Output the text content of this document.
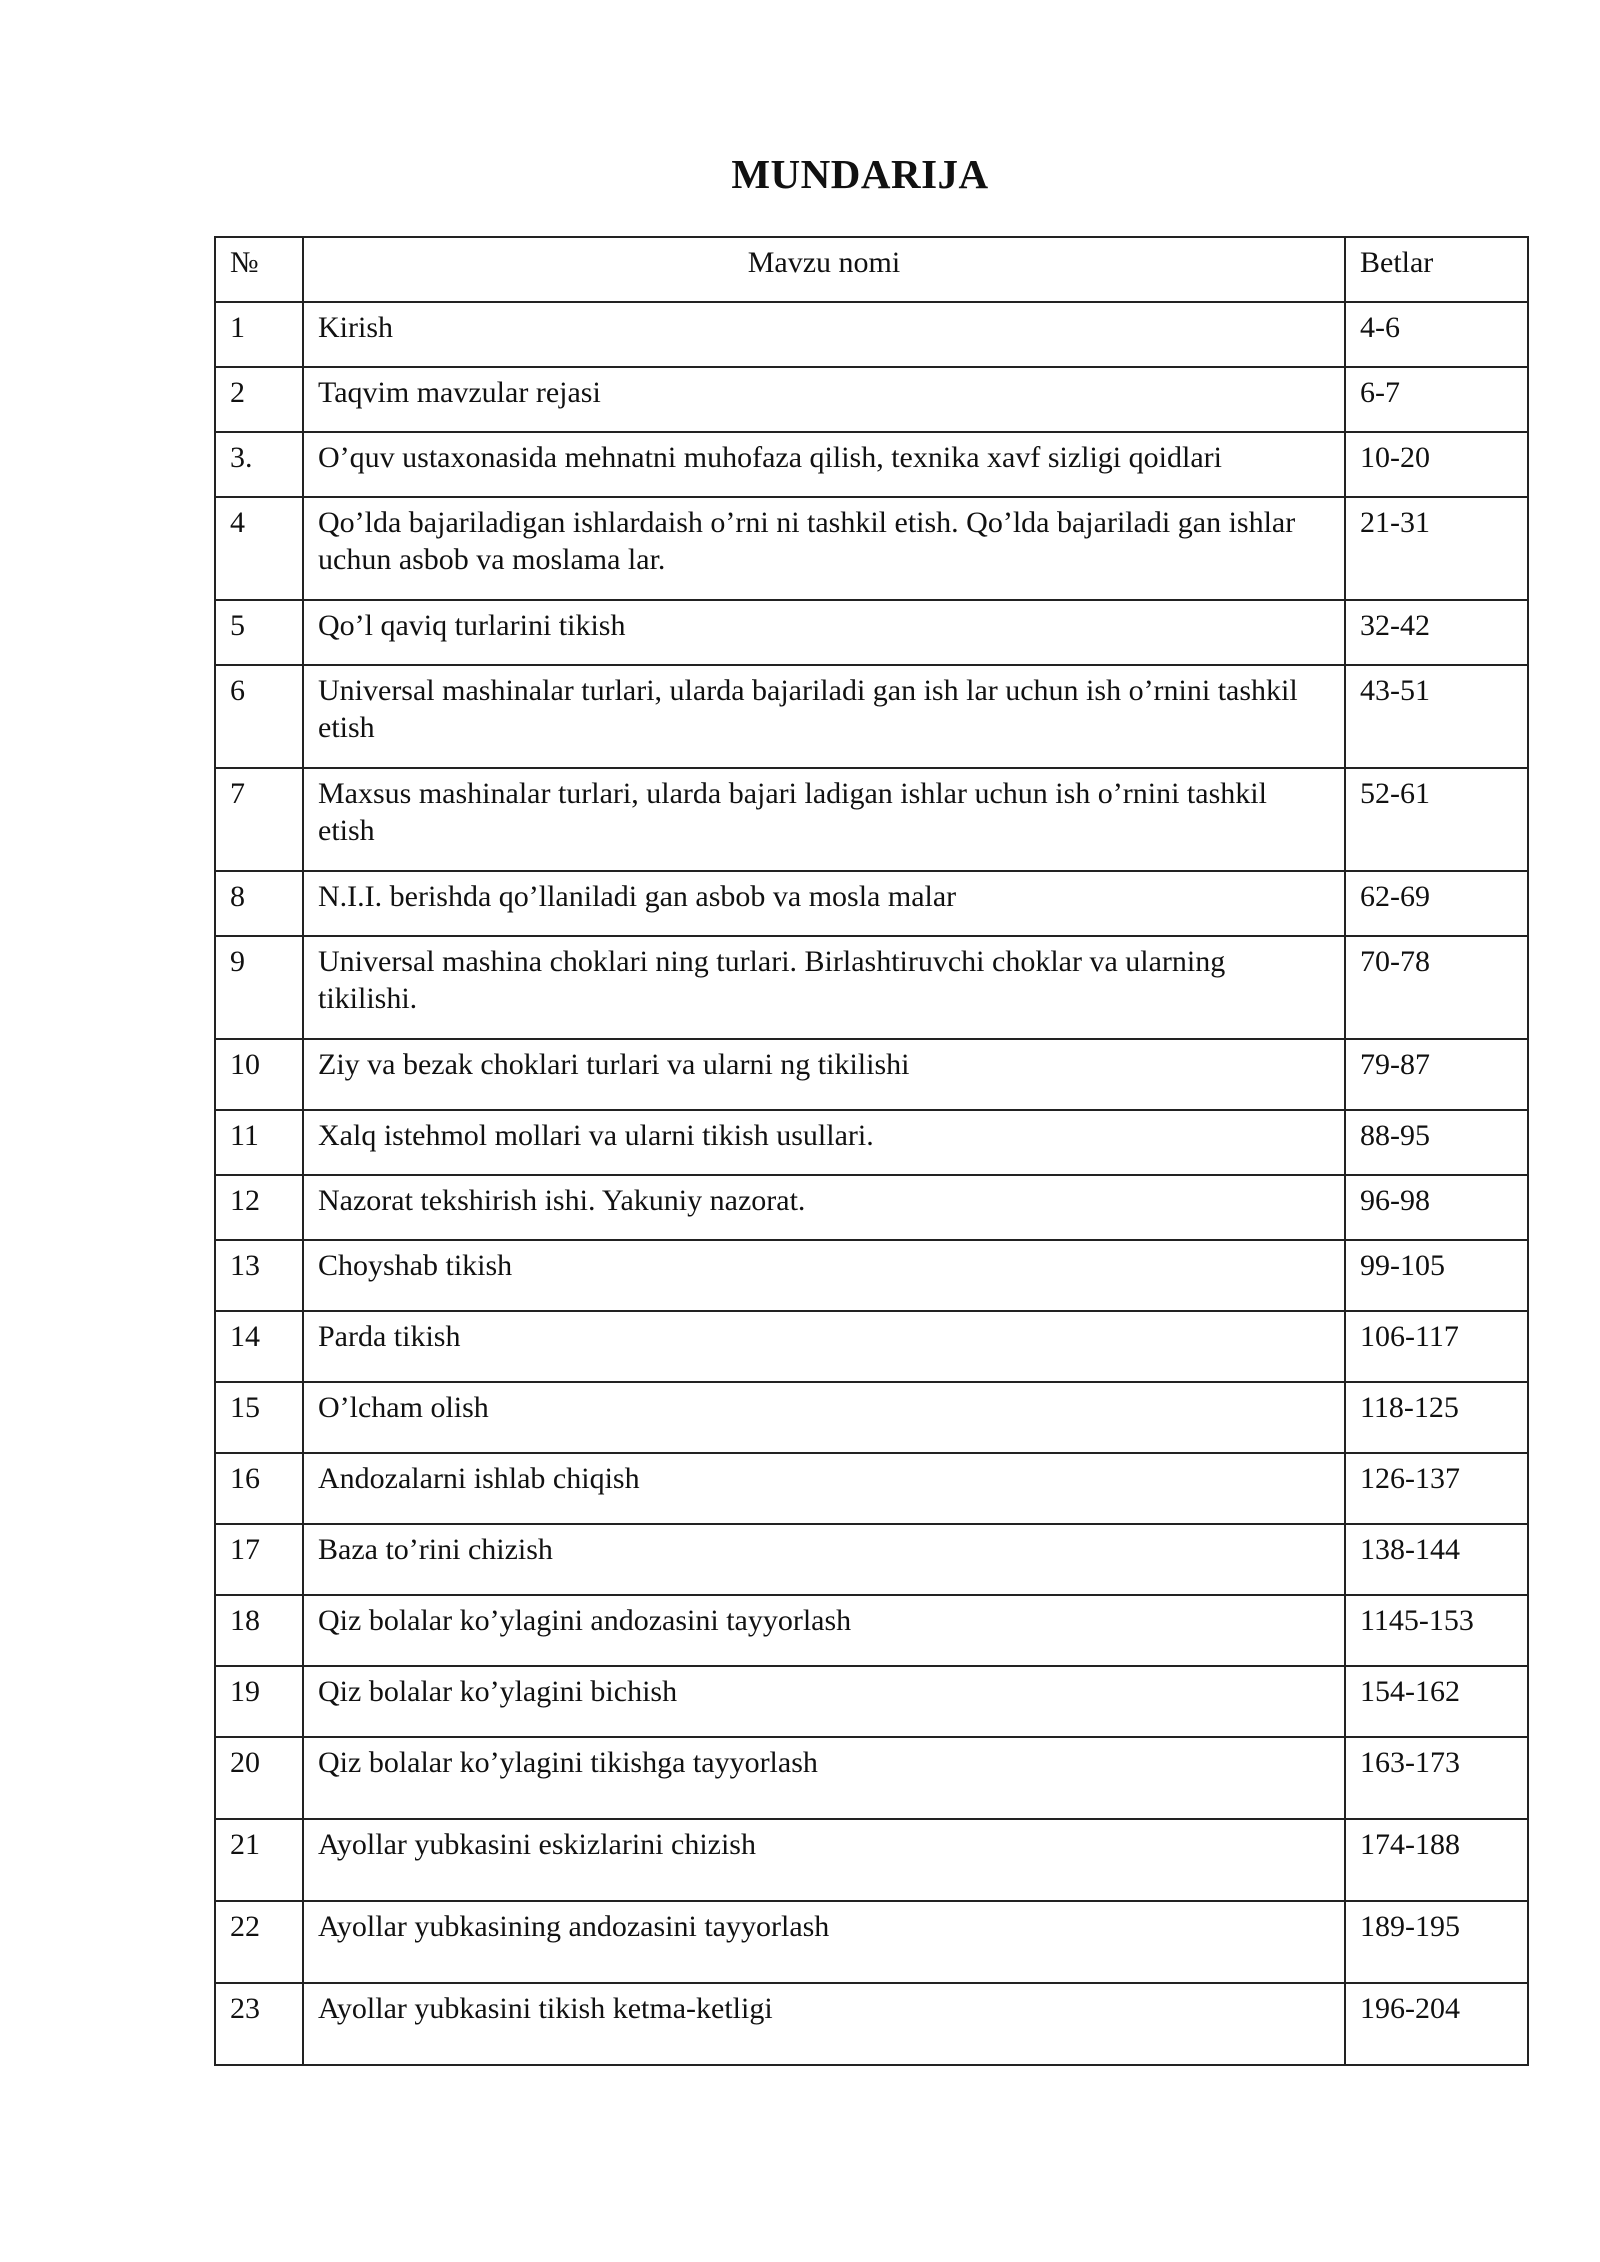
MUNDARIJA
№	Mavzu nomi	Betlar
1	Kirish	4-6
2	Taqvim mavzular rejasi	6-7
3.	O’quv ustaxonasida mehnatni muhofaza qilish, texnika xavf sizligi qoidlari	10-20
4	Qo’lda bajariladigan ishlardaish o’rni ni tashkil etish. Qo’lda bajariladi gan ishlar uchun asbob va moslama lar.	21-31
5	Qo’l qaviq turlarini tikish	32-42
6	Universal mashinalar turlari, ularda bajariladi gan ish lar uchun ish o’rnini tashkil etish	43-51
7	Maxsus mashinalar turlari, ularda bajari ladigan ishlar uchun ish o’rnini tashkil etish	52-61
8	N.I.I. berishda qo’llaniladi gan asbob va mosla malar	62-69
9	Universal mashina choklari ning turlari. Birlashtiruvchi choklar va ularning tikilishi.	70-78
10	Ziy va bezak choklari turlari va ularni ng tikilishi	79-87
11	Xalq istehmol mollari va ularni tikish usullari.	88-95
12	Nazorat tekshirish ishi. Yakuniy nazorat.	96-98
13	Choyshab tikish	99-105
14	Parda tikish	106-117
15	O’lcham olish	118-125
16	Andozalarni ishlab chiqish	126-137
17	Baza to’rini chizish	138-144
18	Qiz bolalar ko’ylagini andozasini tayyorlash	1145-153
19	Qiz bolalar ko’ylagini bichish	154-162
20	Qiz bolalar ko’ylagini tikishga tayyorlash	163-173
21	Ayollar yubkasini eskizlarini chizish	174-188
22	Ayollar yubkasining andozasini tayyorlash	189-195
23	Ayollar yubkasini tikish ketma-ketligi	196-204
